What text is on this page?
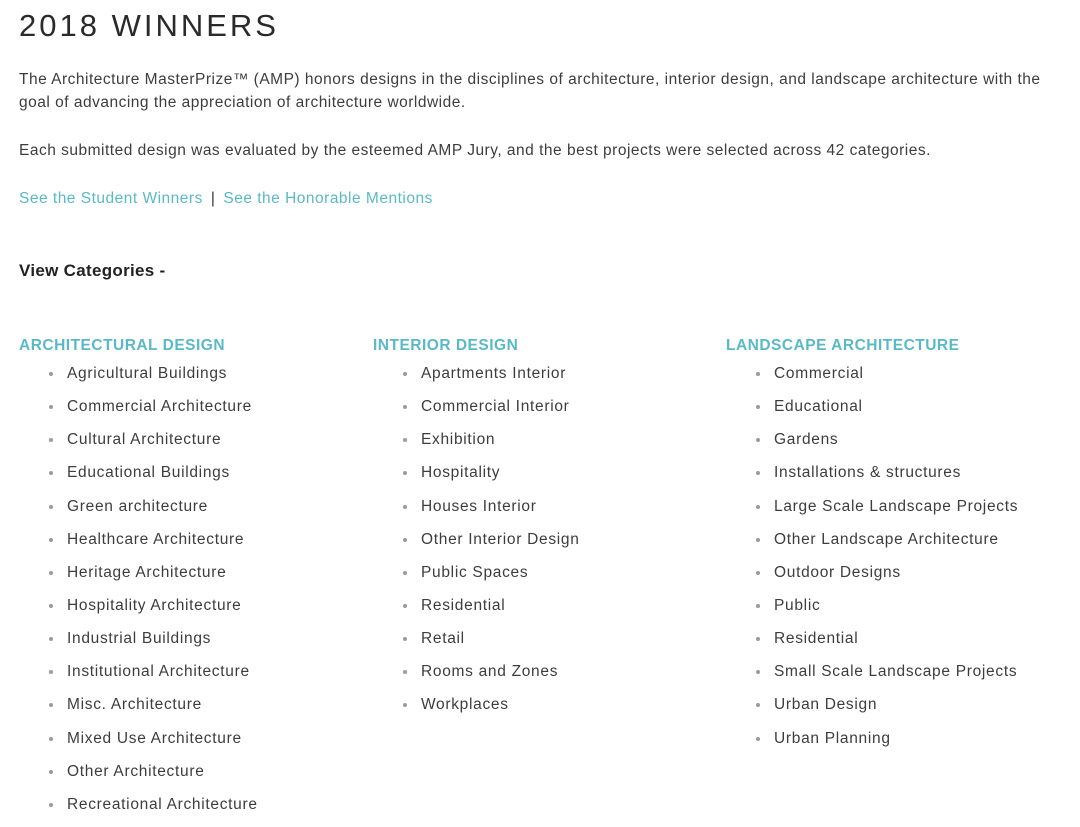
2018 WINNERS

The Architecture MasterPrize™ (AMP) honors designs in the disciplines of architecture, interior design, and landscape architecture with the goal of advancing the appreciation of architecture worldwide.

Each submitted design was evaluated by the esteemed AMP Jury, and the best projects were selected across 42 categories.

See the Student Winners | See the Honorable Mentions
View Categories -
ARCHITECTURAL DESIGN
Agricultural Buildings
Commercial Architecture
Cultural Architecture
Educational Buildings
Green architecture
Healthcare Architecture
Heritage Architecture
Hospitality Architecture
Industrial Buildings
Institutional Architecture
Misc. Architecture
Mixed Use Architecture
Other Architecture
Recreational Architecture
INTERIOR DESIGN
Apartments Interior
Commercial Interior
Exhibition
Hospitality
Houses Interior
Other Interior Design
Public Spaces
Residential
Retail
Rooms and Zones
Workplaces
LANDSCAPE ARCHITECTURE
Commercial
Educational
Gardens
Installations & structures
Large Scale Landscape Projects
Other Landscape Architecture
Outdoor Designs
Public
Residential
Small Scale Landscape Projects
Urban Design
Urban Planning
